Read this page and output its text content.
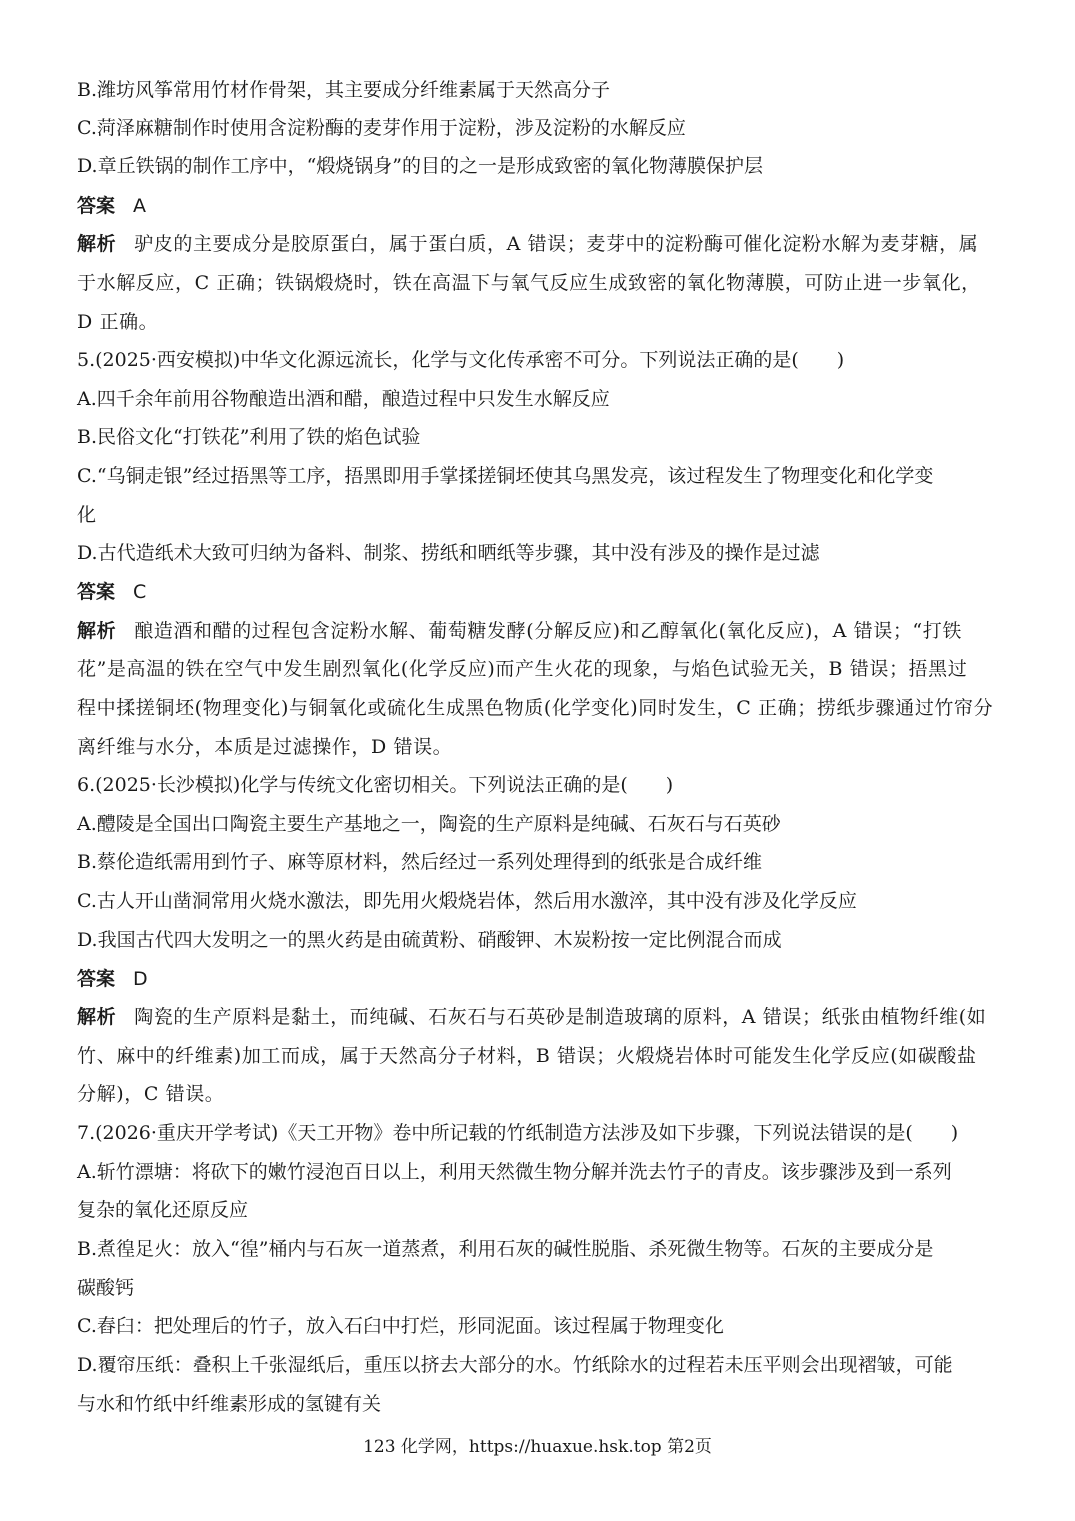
B.潍坊风筝常用竹材作骨架，其主要成分纤维素属于天然高分子
C.菏泽麻糖制作时使用含淀粉酶的麦芽作用于淀粉，涉及淀粉的水解反应
D.章丘铁锅的制作工序中，“煅烧锅身”的目的之一是形成致密的氧化物薄膜保护层
答案 A
解析 驴皮的主要成分是胶原蛋白，属于蛋白质，A 错误；麦芽中的淀粉酶可催化淀粉水解为麦芽糖，属
于水解反应，C 正确；铁锅煅烧时，铁在高温下与氧气反应生成致密的氧化物薄膜，可防止进一步氧化，
D 正确。
5.(2025·西安模拟)中华文化源远流长，化学与文化传承密不可分。下列说法正确的是(　　)
A.四千余年前用谷物酿造出酒和醋，酿造过程中只发生水解反应
B.民俗文化“打铁花”利用了铁的焰色试验
C.“乌铜走银”经过捂黑等工序，捂黑即用手掌揉搓铜坯使其乌黑发亮，该过程发生了物理变化和化学变
化
D.古代造纸术大致可归纳为备料、制浆、捞纸和晒纸等步骤，其中没有涉及的操作是过滤
答案 C
解析 酿造酒和醋的过程包含淀粉水解、葡萄糖发酵(分解反应)和乙醇氧化(氧化反应)，A 错误；“打铁
花”是高温的铁在空气中发生剧烈氧化(化学反应)而产生火花的现象，与焰色试验无关，B 错误；捂黑过
程中揉搓铜坯(物理变化)与铜氧化或硫化生成黑色物质(化学变化)同时发生，C 正确；捞纸步骤通过竹帘分
离纤维与水分，本质是过滤操作，D 错误。
6.(2025·长沙模拟)化学与传统文化密切相关。下列说法正确的是(　　)
A.醴陵是全国出口陶瓷主要生产基地之一，陶瓷的生产原料是纯碱、石灰石与石英砂
B.蔡伦造纸需用到竹子、麻等原材料，然后经过一系列处理得到的纸张是合成纤维
C.古人开山凿洞常用火烧水激法，即先用火煅烧岩体，然后用水激淬，其中没有涉及化学反应
D.我国古代四大发明之一的黑火药是由硫黄粉、硝酸钾、木炭粉按一定比例混合而成
答案 D
解析 陶瓷的生产原料是黏土，而纯碱、石灰石与石英砂是制造玻璃的原料，A 错误；纸张由植物纤维(如
竹、麻中的纤维素)加工而成，属于天然高分子材料，B 错误；火煅烧岩体时可能发生化学反应(如碳酸盐
分解)，C 错误。
7.(2026·重庆开学考试)《天工开物》卷中所记载的竹纸制造方法涉及如下步骤，下列说法错误的是(　　)
A.斩竹漂塘：将砍下的嫩竹浸泡百日以上，利用天然微生物分解并洗去竹子的青皮。该步骤涉及到一系列
复杂的氧化还原反应
B.煮徨足火：放入“徨”桶内与石灰一道蒸煮，利用石灰的碱性脱脂、杀死微生物等。石灰的主要成分是
碳酸钙
C.舂臼：把处理后的竹子，放入石臼中打烂，形同泥面。该过程属于物理变化
D.覆帘压纸：叠积上千张湿纸后，重压以挤去大部分的水。竹纸除水的过程若未压平则会出现褶皱，可能
与水和竹纸中纤维素形成的氢键有关
123 化学网，https://huaxue.hsk.top 第2页
